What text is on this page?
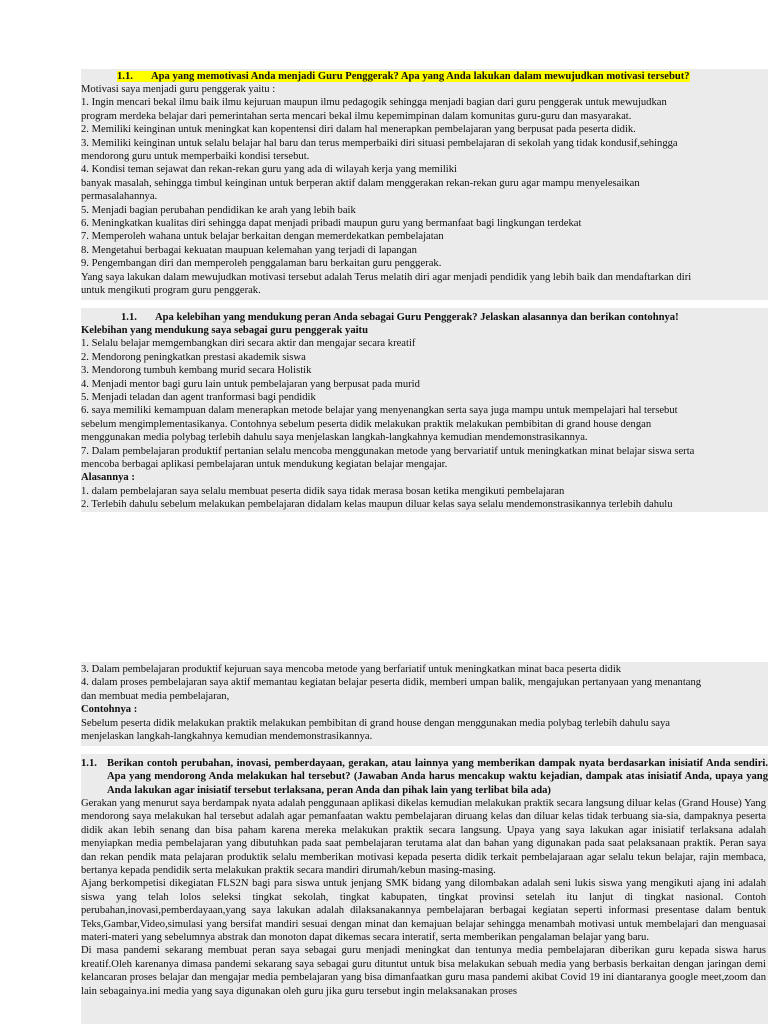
1.1. Apa yang memotivasi Anda menjadi Guru Penggerak? Apa yang Anda lakukan dalam mewujudkan motivasi tersebut?
Motivasi saya menjadi guru penggerak yaitu :
1. Ingin mencari bekal ilmu baik ilmu kejuruan maupun ilmu pedagogik sehingga menjadi bagian dari guru penggerak untuk mewujudkan
program merdeka belajar dari pemerintahan serta mencari bekal ilmu kepemimpinan dalam komunitas guru-guru dan masyarakat.
2. Memiliki keinginan untuk meningkat kan kopentensi diri dalam hal menerapkan pembelajaran yang berpusat pada peserta didik.
3. Memiliki keinginan untuk selalu belajar hal baru dan terus memperbaiki diri situasi pembelajaran di sekolah yang tidak kondusif,sehingga
mendorong guru untuk memperbaiki kondisi tersebut.
4. Kondisi teman sejawat dan rekan-rekan guru yang ada di wilayah kerja yang memiliki
banyak masalah, sehingga timbul keinginan untuk berperan aktif dalam menggerakan rekan-rekan guru agar mampu menyelesaikan
permasalahannya.
5. Menjadi bagian perubahan pendidikan ke arah yang lebih baik
6. Meningkatkan kualitas diri sehingga dapat menjadi pribadi maupun guru yang bermanfaat bagi lingkungan terdekat
7. Memperoleh wahana untuk belajar berkaitan dengan memerdekatkan pembelajatan
8. Mengetahui berbagai kekuatan maupuan kelemahan yang terjadi di lapangan
9. Pengembangan diri dan memperoleh penggalaman baru berkaitan guru penggerak.
Yang saya lakukan dalam mewujudkan motivasi tersebut adalah Terus melatih diri agar menjadi pendidik yang lebih baik dan mendaftarkan diri
untuk mengikuti program guru penggerak.
1.1. Apa kelebihan yang mendukung peran Anda sebagai Guru Penggerak? Jelaskan alasannya dan berikan contohnya!
Kelebihan yang mendukung saya sebagai guru penggerak yaitu
1. Selalu belajar memgembangkan diri secara aktir dan mengajar secara kreatif
2. Mendorong peningkatkan prestasi akademik siswa
3. Mendorong tumbuh kembang murid secara Holistik
4. Menjadi mentor bagi guru lain untuk pembelajaran yang berpusat pada murid
5. Menjadi teladan dan agent tranformasi bagi pendidik
6. saya memiliki kemampuan dalam menerapkan metode belajar yang menyenangkan serta saya juga mampu untuk mempelajari hal tersebut
sebelum mengimplementasikanya. Contohnya sebelum peserta didik melakukan praktik melakukan pembibitan di grand house dengan
menggunakan media polybag terlebih dahulu saya menjelaskan langkah-langkahnya kemudian mendemonstrasikannya.
7. Dalam pembelajaran produktif pertanian selalu mencoba menggunakan metode yang bervariatif untuk meningkatkan minat belajar siswa serta
mencoba berbagai aplikasi pembelajaran untuk mendukung kegiatan belajar mengajar.
Alasannya :
1. dalam pembelajaran saya selalu membuat peserta didik saya tidak merasa bosan ketika mengikuti pembelajaran
2. Terlebih dahulu sebelum melakukan pembelajaran didalam kelas maupun diluar kelas saya selalu mendemonstrasikannya terlebih dahulu
3. Dalam pembelajaran produktif kejuruan saya mencoba metode yang berfariatif untuk meningkatkan minat baca peserta didik
4. dalam proses pembelajaran saya aktif memantau kegiatan belajar peserta didik, memberi umpan balik, mengajukan pertanyaan yang menantang
dan membuat media pembelajaran,
Contohnya :
Sebelum peserta didik melakukan praktik melakukan pembibitan di grand house dengan menggunakan media polybag terlebih dahulu saya
menjelaskan langkah-langkahnya kemudian mendemonstrasikannya.
1.1. Berikan contoh perubahan, inovasi, pemberdayaan, gerakan, atau lainnya yang memberikan dampak nyata berdasarkan inisiatif Anda sendiri. Apa yang mendorong Anda melakukan hal tersebut? (Jawaban Anda harus mencakup waktu kejadian, dampak atas inisiatif Anda, upaya yang Anda lakukan agar inisiatif tersebut terlaksana, peran Anda dan pihak lain yang terlibat bila ada)

Gerakan yang menurut saya berdampak nyata adalah penggunaan aplikasi dikelas kemudian melakukan praktik secara langsung diluar kelas (Grand House) Yang mendorong saya melakukan hal tersebut adalah agar pemanfaatan waktu pembelajaran diruang kelas dan diluar kelas tidak terbuang sia-sia, dampaknya peserta didik akan lebih senang dan bisa paham karena mereka melakukan praktik secara langsung. Upaya yang saya lakukan agar inisiatif terlaksana adalah menyiapkan media pembelajaran yang dibutuhkan pada saat pembelajaran terutama alat dan bahan yang digunakan pada saat pelaksanaan praktik. Peran saya dan rekan pendik mata pelajaran produktik selalu memberikan motivasi kepada peserta didik terkait pembelajaraan agar selalu tekun belajar, rajin membaca, bertanya kepada pendidik serta melakukan praktik secara mandiri dirumah/kebun masing-masing.

Ajang berkompetisi dikegiatan FLS2N bagi para siswa untuk jenjang SMK bidang yang dilombakan adalah seni lukis siswa yang mengikuti ajang ini adalah siswa yang telah lolos seleksi tingkat sekolah, tingkat kabupaten, tingkat provinsi setelah itu lanjut di tingkat nasional. Contoh perubahan,inovasi,pemberdayaan,yang saya lakukan adalah dilaksanakannya pembelajaran berbagai kegiatan seperti informasi presentase dalam bentuk Teks,Gambar,Video,simulasi yang bersifat mandiri sesuai dengan minat dan kemajuan belajar sehingga menambah motivasi untuk membelajari dan menguasai materi-materi yang sebelumnya abstrak dan monoton dapat dikemas secara interatif, serta memberikan pengalaman belajar yang baru.

Di masa pandemi sekarang membuat peran saya sebagai guru menjadi meningkat dan tentunya media pembelajaran diberikan guru kepada siswa harus kreatif.Oleh karenanya dimasa pandemi sekarang saya sebagai guru dituntut untuk bisa melakukan sebuah media yang berbasis berkaitan dengan jaringan demi kelancaran proses belajar dan mengajar media pembelajaran yang bisa dimanfaatkan guru masa pandemi akibat Covid 19 ini diantaranya google meet,zoom dan lain sebagainya.ini media yang saya digunakan oleh guru jika guru tersebut ingin melaksanakan proses
